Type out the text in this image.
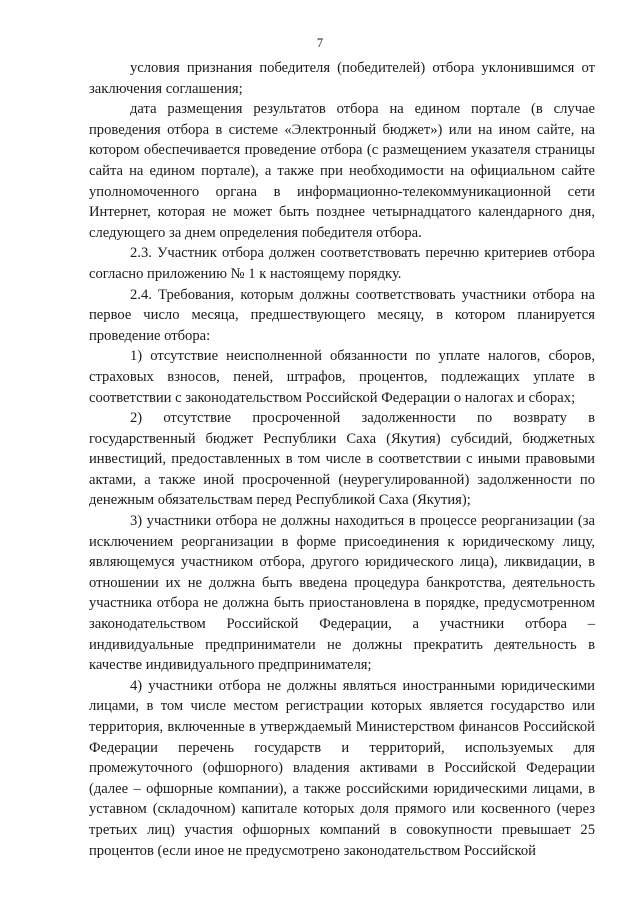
7

условия признания победителя (победителей) отбора уклонившимся от заключения соглашения;

дата размещения результатов отбора на едином портале (в случае проведения отбора в системе «Электронный бюджет») или на ином сайте, на котором обеспечивается проведение отбора (с размещением указателя страницы сайта на едином портале), а также при необходимости на официальном сайте уполномоченного органа в информационно-телекоммуникационной сети Интернет, которая не может быть позднее четырнадцатого календарного дня, следующего за днем определения победителя отбора.

2.3. Участник отбора должен соответствовать перечню критериев отбора согласно приложению № 1 к настоящему порядку.

2.4. Требования, которым должны соответствовать участники отбора на первое число месяца, предшествующего месяцу, в котором планируется проведение отбора:

1) отсутствие неисполненной обязанности по уплате налогов, сборов, страховых взносов, пеней, штрафов, процентов, подлежащих уплате в соответствии с законодательством Российской Федерации о налогах и сборах;

2) отсутствие просроченной задолженности по возврату в государственный бюджет Республики Саха (Якутия) субсидий, бюджетных инвестиций, предоставленных в том числе в соответствии с иными правовыми актами, а также иной просроченной (неурегулированной) задолженности по денежным обязательствам перед Республикой Саха (Якутия);

3) участники отбора не должны находиться в процессе реорганизации (за исключением реорганизации в форме присоединения к юридическому лицу, являющемуся участником отбора, другого юридического лица), ликвидации, в отношении их не должна быть введена процедура банкротства, деятельность участника отбора не должна быть приостановлена в порядке, предусмотренном законодательством Российской Федерации, а участники отбора – индивидуальные предприниматели не должны прекратить деятельность в качестве индивидуального предпринимателя;

4) участники отбора не должны являться иностранными юридическими лицами, в том числе местом регистрации которых является государство или территория, включенные в утверждаемый Министерством финансов Российской Федерации перечень государств и территорий, используемых для промежуточного (офшорного) владения активами в Российской Федерации (далее – офшорные компании), а также российскими юридическими лицами, в уставном (складочном) капитале которых доля прямого или косвенного (через третьих лиц) участия офшорных компаний в совокупности превышает 25 процентов (если иное не предусмотрено законодательством Российской
